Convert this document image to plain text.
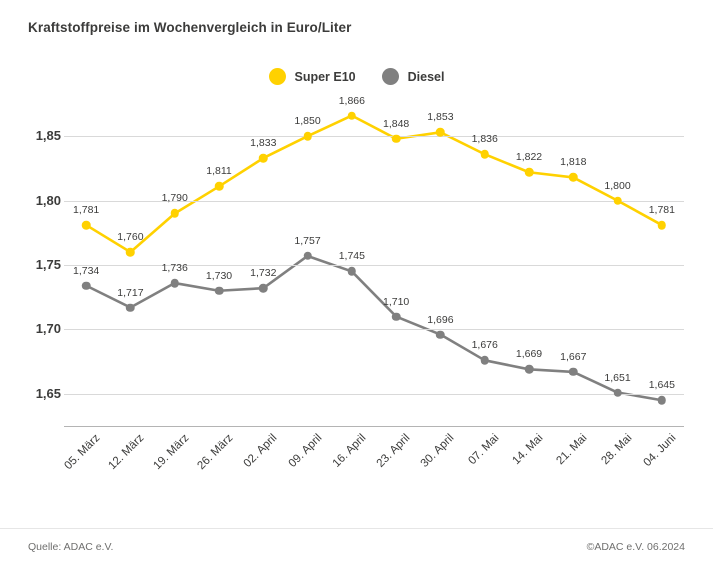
Kraftstoffpreise im Wochenvergleich in Euro/Liter
Super E10	Diesel
1,781
1,760
1,790
1,811
1,833
1,850
1,866
1,848
1,853
1,836
1,822 1,818
1,800
1,781
1,734
1,717
1,736
1,730 1,732
1,757
1,745
1,710
1,696
1,676
1,669 1,667
1,651
1,645
1,85
1,80
1,75
1,70
1,65
05. März 12. März 19. März 26. März 02. April 09. April 16. April 23. April 30. April 07. Mai 14. Mai 21. Mai 28. Mai 04. Juni
Quelle: ADAC e.V.	©ADAC e.V. 06.2024
